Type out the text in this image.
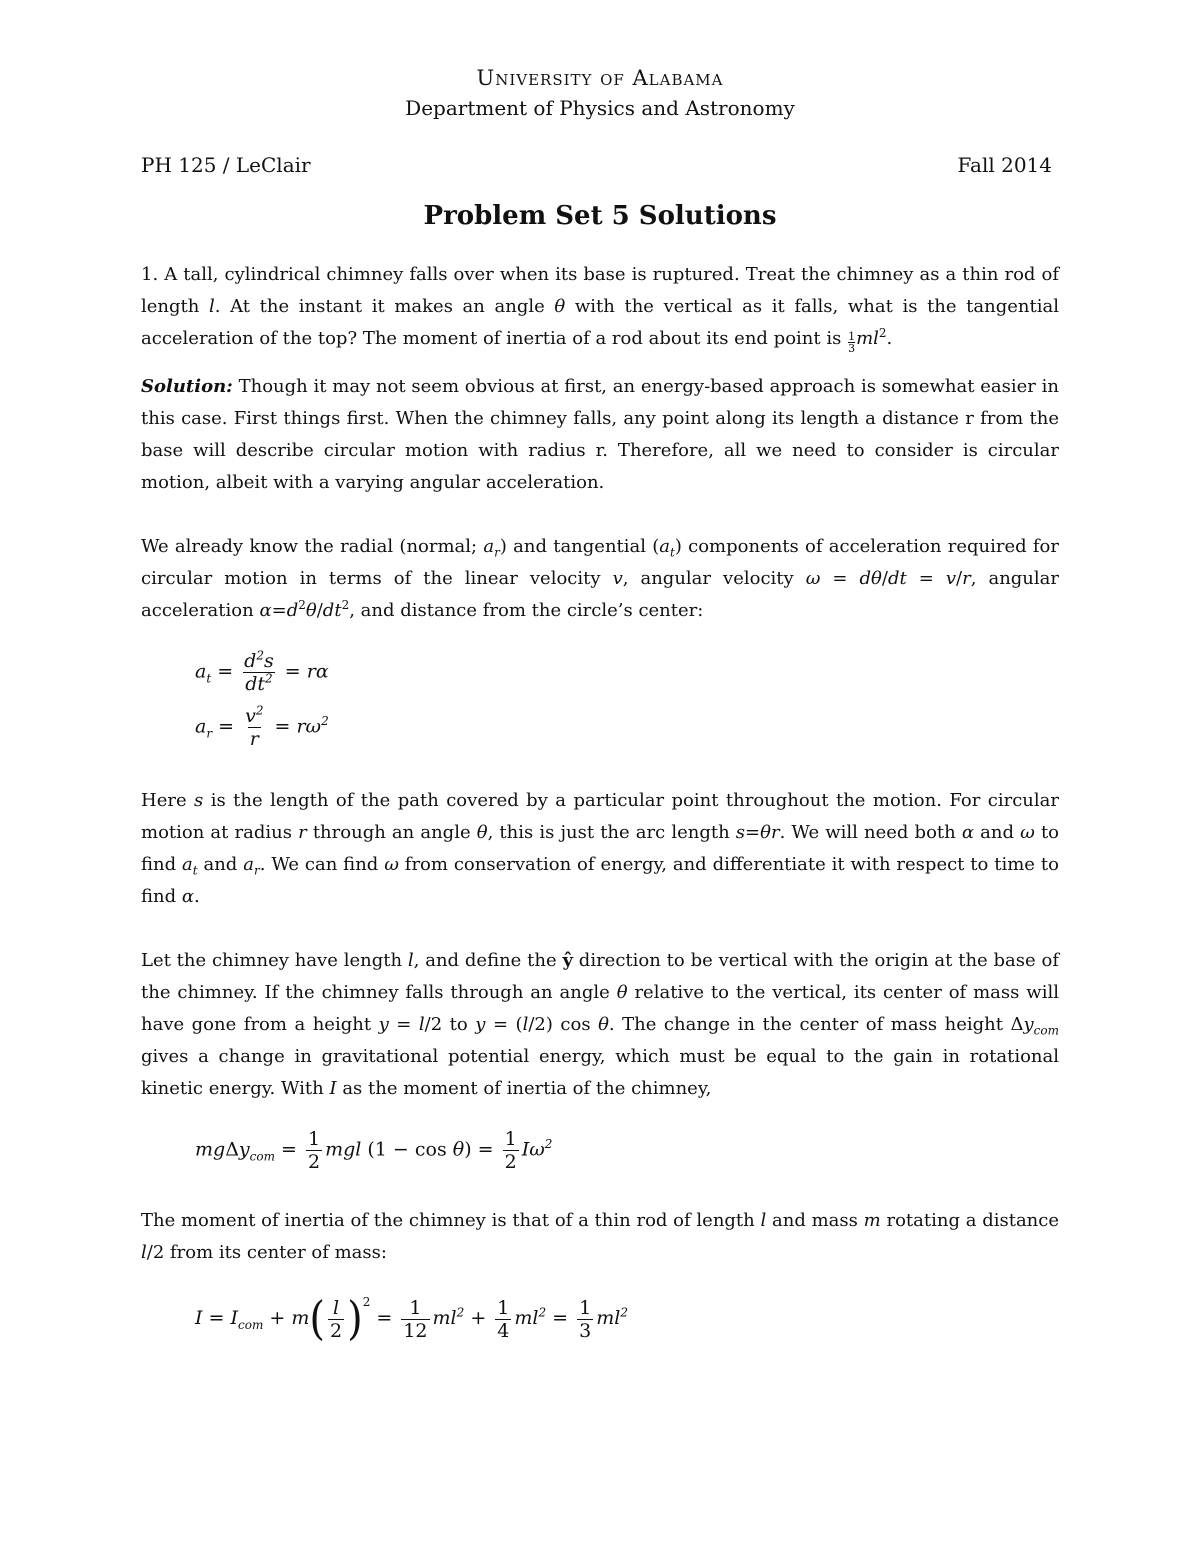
University of Alabama
Department of Physics and Astronomy
PH 125 / LeClair	Fall 2014
Problem Set 5 Solutions

1. A tall, cylindrical chimney falls over when its base is ruptured. Treat the chimney as a thin rod of length l. At the instant it makes an angle θ with the vertical as it falls, what is the tangential acceleration of the top? The moment of inertia of a rod about its end point is $\frac{1}{3} ml^2$.

Solution: Though it may not seem obvious at first, an energy-based approach is somewhat easier in this case. First things first. When the chimney falls, any point along its length a distance r from the base will describe circular motion with radius r. Therefore, all we need to consider is circular motion, albeit with a varying angular acceleration.

We already know the radial (normal; $a_r$) and tangential $(a_t)$ components of acceleration required for circular motion in terms of the linear velocity v, angular velocity ω = dθ/dt = v/r, angular acceleration $\alpha=d^2\theta/dt^2$, and distance from the circle’s center:

$a_t = \frac{d^2s}{dt^2} = r\alpha$
$a_r = \frac{v^2}{r} = r\omega^2$

Here s is the length of the path covered by a particular point throughout the motion. For circular motion at radius r through an angle θ, this is just the arc length s=θr. We will need both α and ω to find $a_t$ and $a_r$. We can find ω from conservation of energy, and differentiate it with respect to time to find α.

Let the chimney have length l, and define the ŷ direction to be vertical with the origin at the base of the chimney. If the chimney falls through an angle θ relative to the vertical, its center of mass will have gone from a height y = l/2 to y = (l/2) cos θ. The change in the center of mass height $\Delta y_{com}$ gives a change in gravitational potential energy, which must be equal to the gain in rotational kinetic energy. With I as the moment of inertia of the chimney,

$mg\Delta y_{com} = \frac{1}{2}$ mgl $(1 - \cos \theta) = \frac{1}{2} I\omega^2$

The moment of inertia of the chimney is that of a thin rod of length l and mass m rotating a distance l/2 from its center of mass:

$I = I_{com} + m( \frac{l}{2} )^2 = \frac{1}{12} ml^2 + \frac{1}{4} ml^2 = \frac{1}{3} ml^2$
